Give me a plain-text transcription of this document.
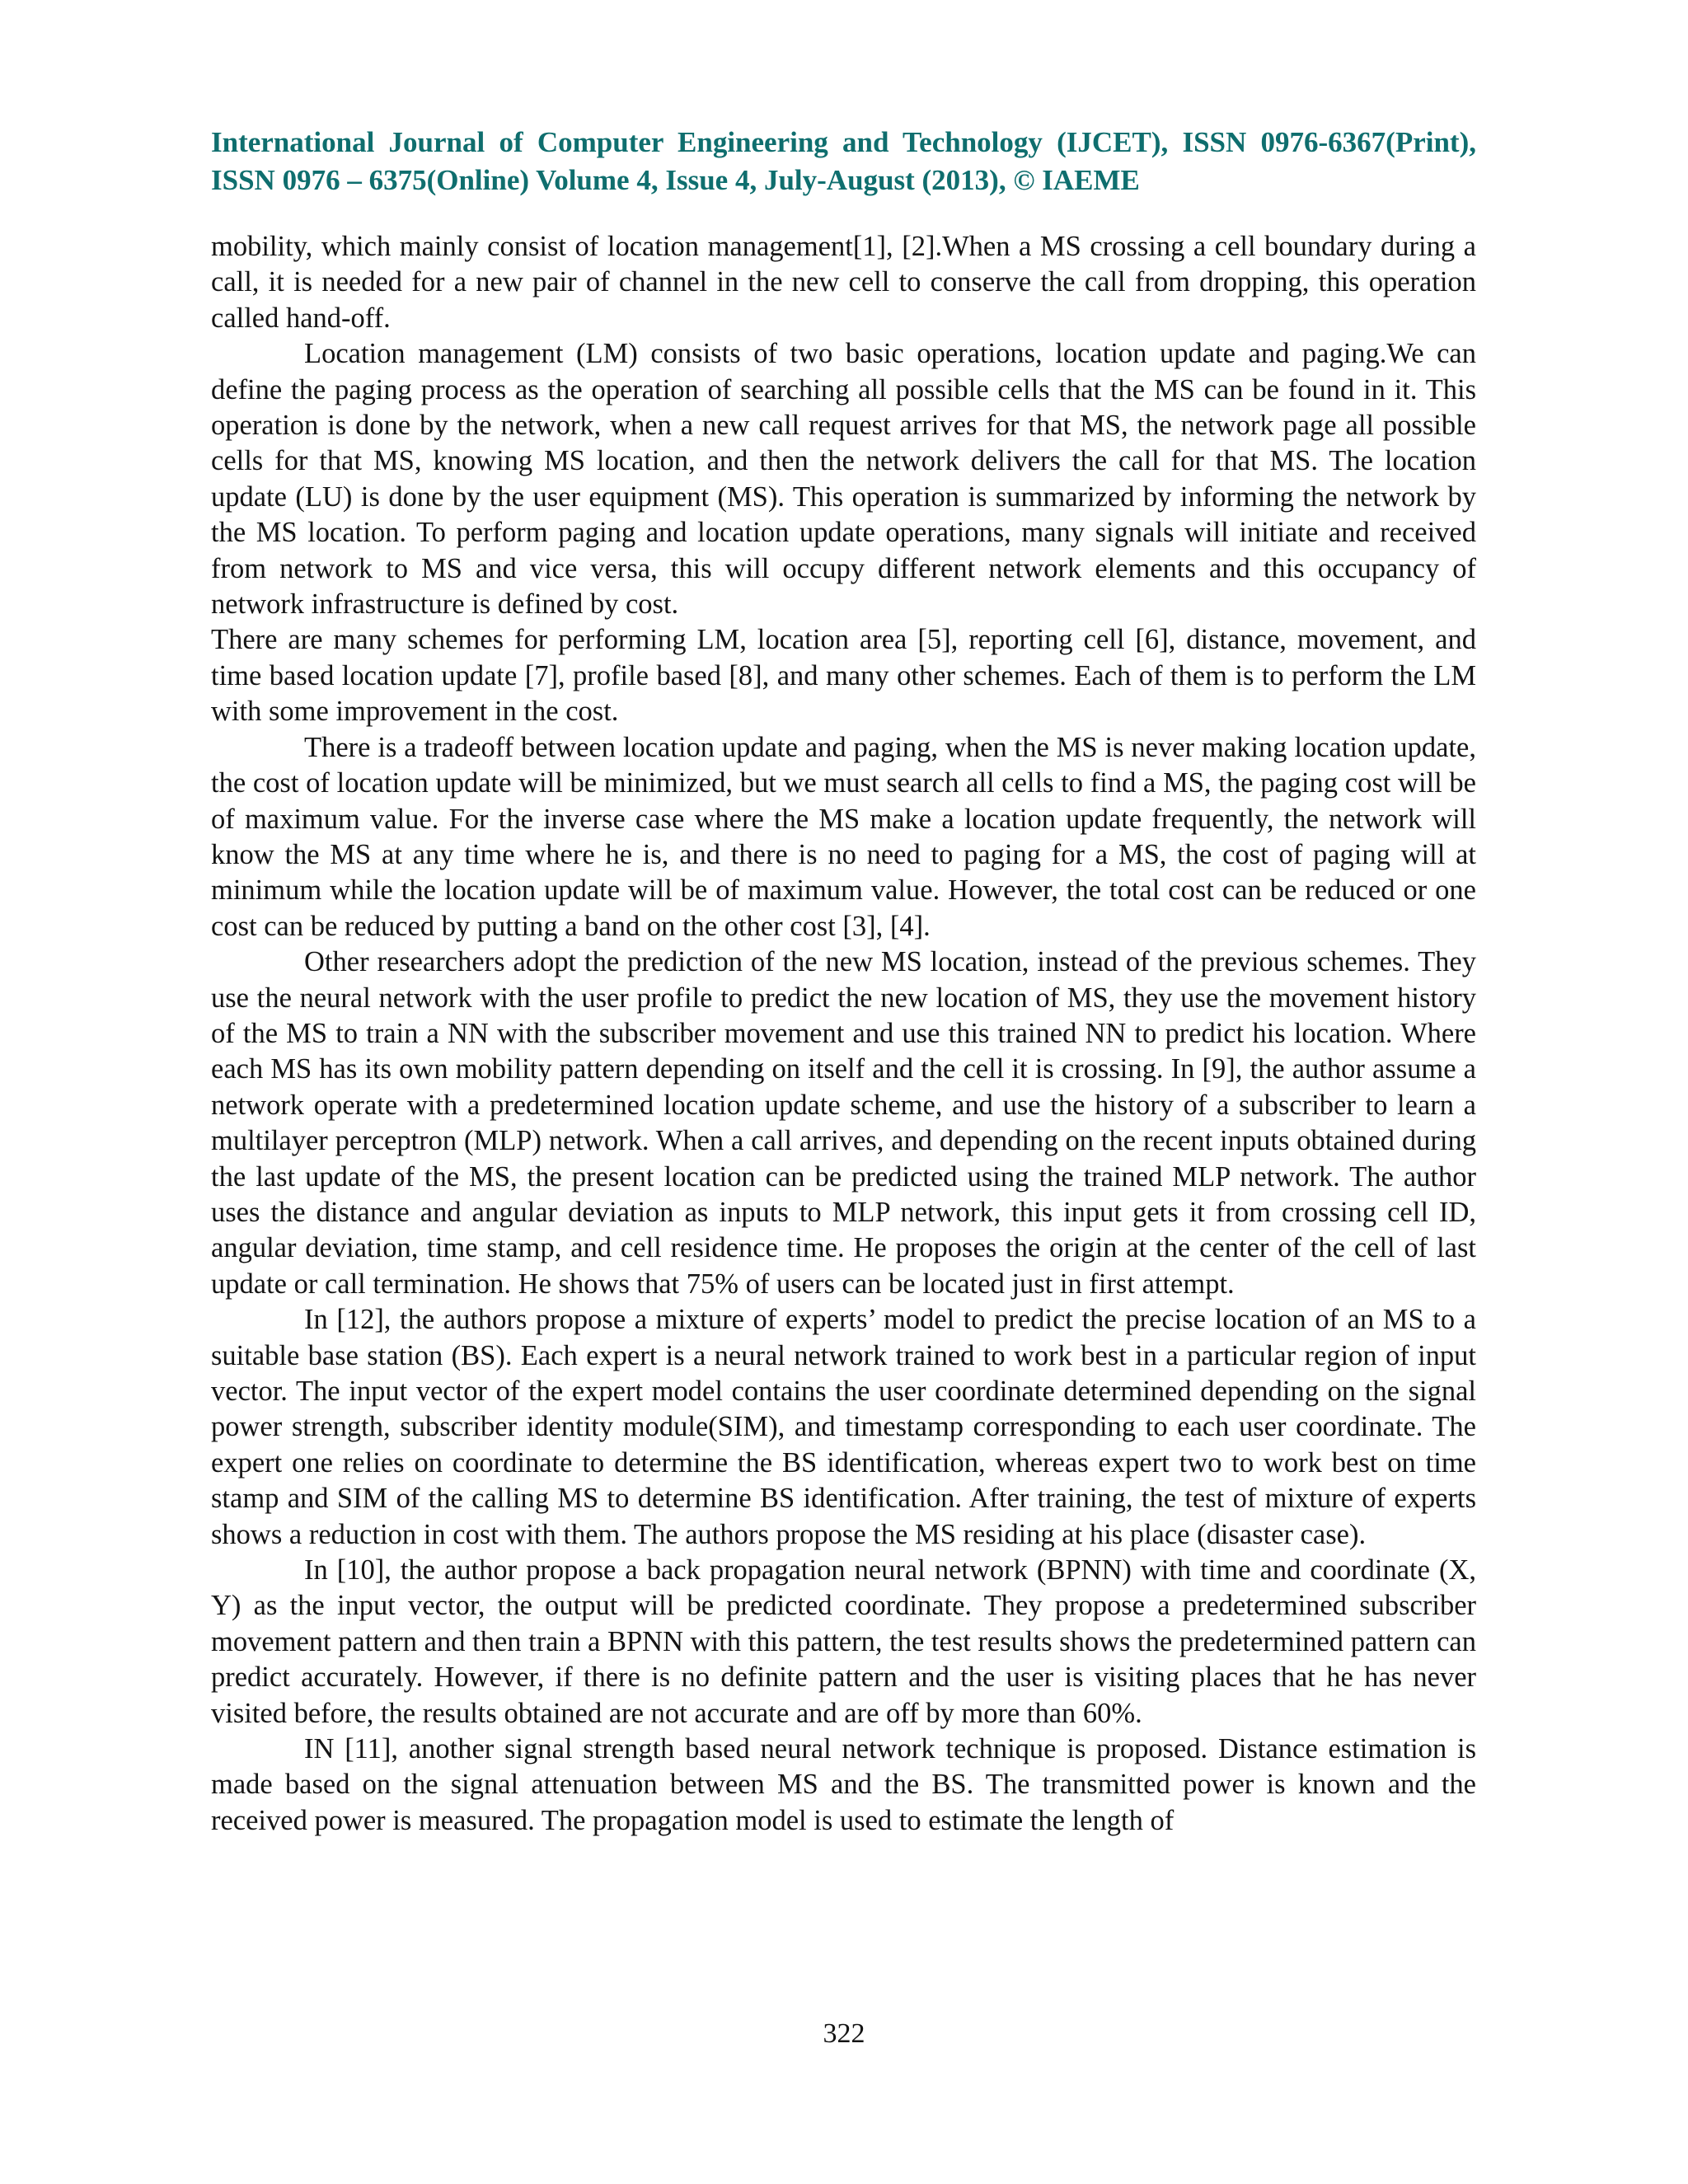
International Journal of Computer Engineering and Technology (IJCET), ISSN 0976-6367(Print), ISSN 0976 – 6375(Online) Volume 4, Issue 4, July-August (2013), © IAEME

mobility, which mainly consist of location management[1], [2].When a MS crossing a cell boundary during a call, it is needed for a new pair of channel in the new cell to conserve the call from dropping, this operation called hand-off.

Location management (LM) consists of two basic operations, location update and paging.We can define the paging process as the operation of searching all possible cells that the MS can be found in it. This operation is done by the network, when a new call request arrives for that MS, the network page all possible cells for that MS, knowing MS location, and then the network delivers the call for that MS. The location update (LU) is done by the user equipment (MS). This operation is summarized by informing the network by the MS location. To perform paging and location update operations, many signals will initiate and received from network to MS and vice versa, this will occupy different network elements and this occupancy of network infrastructure is defined by cost.

There are many schemes for performing LM, location area [5], reporting cell [6], distance, movement, and time based location update [7], profile based [8], and many other schemes. Each of them is to perform the LM with some improvement in the cost.

There is a tradeoff between location update and paging, when the MS is never making location update, the cost of location update will be minimized, but we must search all cells to find a MS, the paging cost will be of maximum value. For the inverse case where the MS make a location update frequently, the network will know the MS at any time where he is, and there is no need to paging for a MS, the cost of paging will at minimum while the location update will be of maximum value. However, the total cost can be reduced or one cost can be reduced by putting a band on the other cost [3], [4].

Other researchers adopt the prediction of the new MS location, instead of the previous schemes. They use the neural network with the user profile to predict the new location of MS, they use the movement history of the MS to train a NN with the subscriber movement and use this trained NN to predict his location. Where each MS has its own mobility pattern depending on itself and the cell it is crossing. In [9], the author assume a network operate with a predetermined location update scheme, and use the history of a subscriber to learn a multilayer perceptron (MLP) network. When a call arrives, and depending on the recent inputs obtained during the last update of the MS, the present location can be predicted using the trained MLP network. The author uses the distance and angular deviation as inputs to MLP network, this input gets it from crossing cell ID, angular deviation, time stamp, and cell residence time. He proposes the origin at the center of the cell of last update or call termination. He shows that 75% of users can be located just in first attempt.

In [12], the authors propose a mixture of experts’ model to predict the precise location of an MS to a suitable base station (BS). Each expert is a neural network trained to work best in a particular region of input vector. The input vector of the expert model contains the user coordinate determined depending on the signal power strength, subscriber identity module(SIM), and timestamp corresponding to each user coordinate. The expert one relies on coordinate to determine the BS identification, whereas expert two to work best on time stamp and SIM of the calling MS to determine BS identification. After training, the test of mixture of experts shows a reduction in cost with them. The authors propose the MS residing at his place (disaster case).

In [10], the author propose a back propagation neural network (BPNN) with time and coordinate (X, Y) as the input vector, the output will be predicted coordinate. They propose a predetermined subscriber movement pattern and then train a BPNN with this pattern, the test results shows the predetermined pattern can predict accurately. However, if there is no definite pattern and the user is visiting places that he has never visited before, the results obtained are not accurate and are off by more than 60%.

IN [11], another signal strength based neural network technique is proposed. Distance estimation is made based on the signal attenuation between MS and the BS. The transmitted power is known and the received power is measured. The propagation model is used to estimate the length of

322
